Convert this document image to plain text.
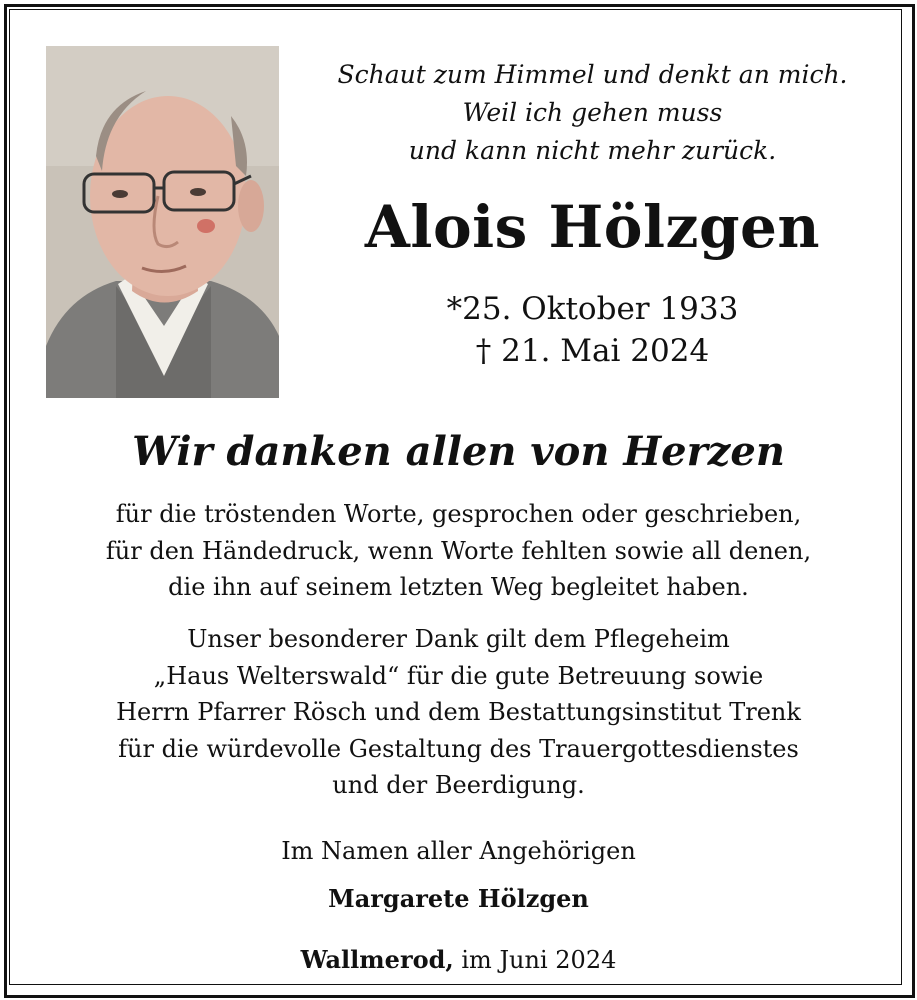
Schaut zum Himmel und denkt an mich.
Weil ich gehen muss
und kann nicht mehr zurück.
Alois Hölzgen
*25. Oktober 1933
† 21. Mai 2024
Wir danken allen von Herzen
für die tröstenden Worte, gesprochen oder geschrieben,
für den Händedruck, wenn Worte fehlten sowie all denen,
die ihn auf seinem letzten Weg begleitet haben.
Unser besonderer Dank gilt dem Pflegeheim
„Haus Welterswald“ für die gute Betreuung sowie
Herrn Pfarrer Rösch und dem Bestattungsinstitut Trenk
für die würdevolle Gestaltung des Trauergottesdienstes
und der Beerdigung.
Im Namen aller Angehörigen
Margarete Hölzgen
Wallmerod, im Juni 2024
